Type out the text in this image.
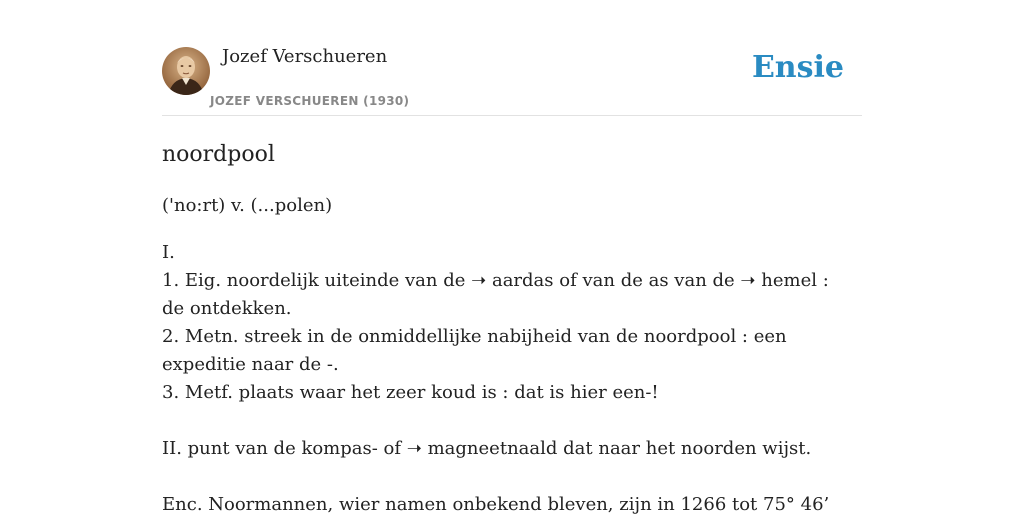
Jozef Verschueren
JOZEF VERSCHUEREN (1930)
Ensie
noordpool

('no:rt) v. (...polen)

I.

1. Eig. noordelijk uiteinde van de ➝ aardas of van de as van de ➝ hemel : de ontdekken.

2. Metn. streek in de onmiddellijke nabijheid van de noordpool : een expeditie naar de -.

3. Metf. plaats waar het zeer koud is : dat is hier een-!

II. punt van de kompas- of ➝ magneetnaald dat naar het noorden wijst.

Enc. Noormannen, wier namen onbekend bleven, zijn in 1266 tot 75° 46’
